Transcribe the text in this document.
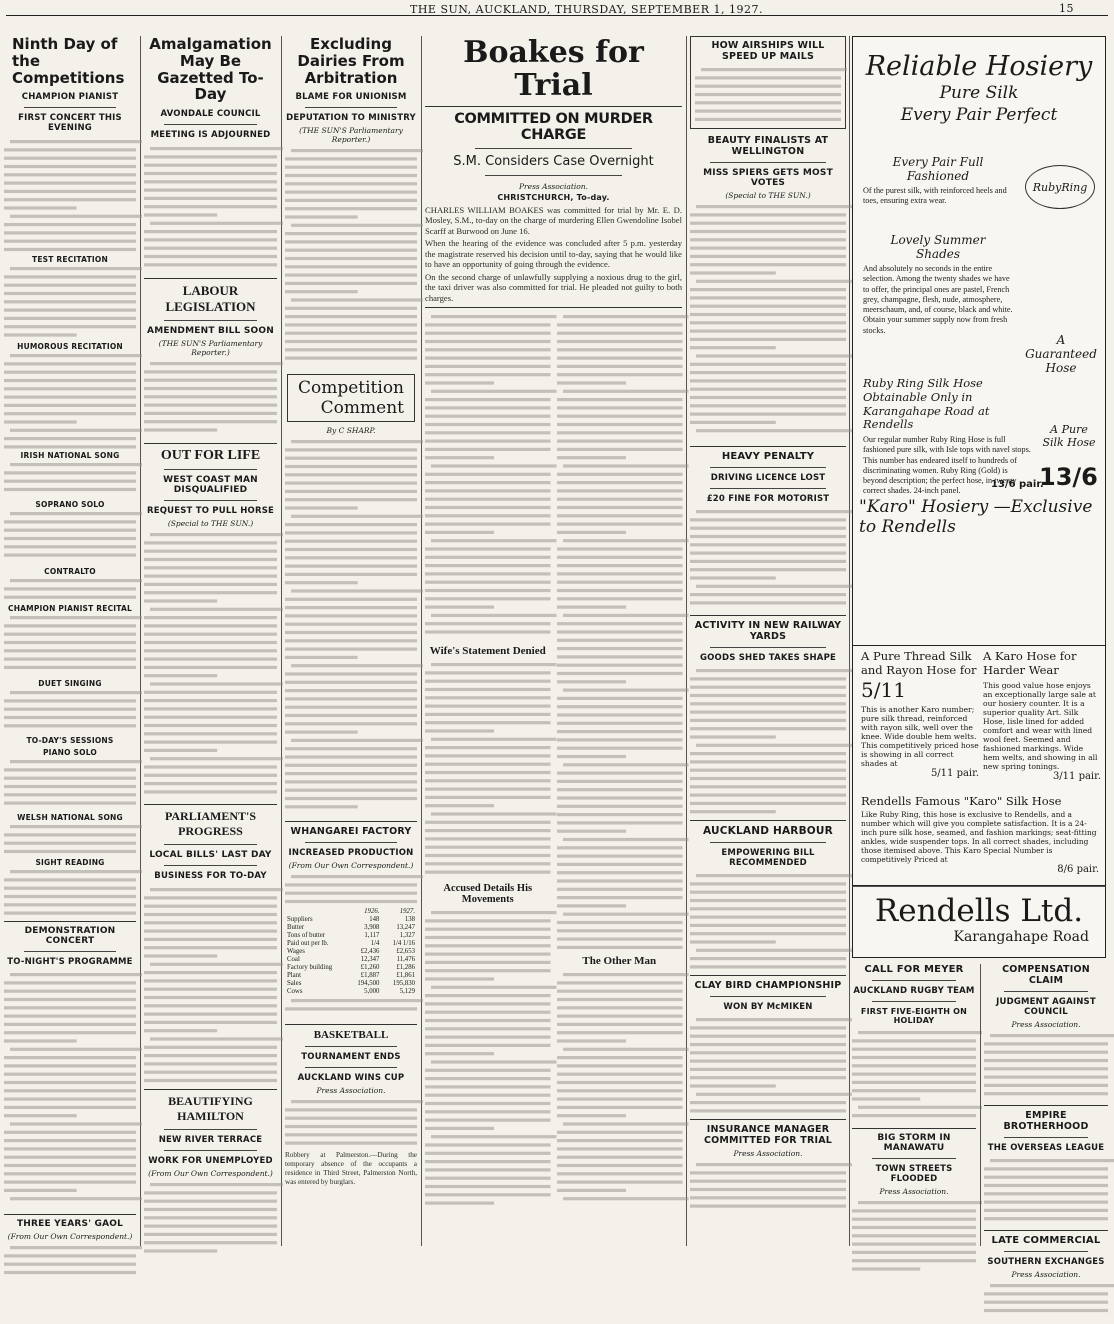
THE SUN, AUCKLAND, THURSDAY, SEPTEMBER 1, 1927.	15
Ninth Day of the Competitions
CHAMPION PIANIST
FIRST CONCERT THIS EVENING
TEST RECITATION
HUMOROUS RECITATION
IRISH NATIONAL SONG
SOPRANO SOLO
CONTRALTO
CHAMPION PIANIST RECITAL
DUET SINGING
TO-DAY'S SESSIONS
PIANO SOLO
WELSH NATIONAL SONG
SIGHT READING
DEMONSTRATION CONCERT
TO-NIGHT'S PROGRAMME
THREE YEARS' GAOL
(From Our Own Correspondent.)
Amalgamation May Be Gazetted To-Day
AVONDALE COUNCIL
MEETING IS ADJOURNED
LABOUR LEGISLATION
AMENDMENT BILL SOON
(THE SUN'S Parliamentary Reporter.)
OUT FOR LIFE
WEST COAST MAN DISQUALIFIED
REQUEST TO PULL HORSE
(Special to THE SUN.)
PARLIAMENT'S PROGRESS
LOCAL BILLS' LAST DAY
BUSINESS FOR TO-DAY
BEAUTIFYING HAMILTON
NEW RIVER TERRACE
WORK FOR UNEMPLOYED
(From Our Own Correspondent.)
Excluding Dairies From Arbitration
BLAME FOR UNIONISM
DEPUTATION TO MINISTRY
(THE SUN'S Parliamentary Reporter.)
Competition
Comment
By C SHARP.
WHANGAREI FACTORY
INCREASED PRODUCTION
(From Our Own Correspondent.)
1926.	1927.
Suppliers	148	138
Butter	3,908	13,247
Tons of butter	1,117	1,327
Paid out per lb.	1/4	1/4 1/16
Wages	£2,436	£2,653
Coal	12,347	11,476
Factory building	£1,260	£1,286
Plant	£1,887	£1,861
Sales	194,500	195,830
Cows	5,000	5,129
BASKETBALL
TOURNAMENT ENDS
AUCKLAND WINS CUP
Press Association.
Robbery at Palmerston.—During the temporary absence of the occupants a residence in Third Street, Palmerston North, was entered by burglars.
Boakes for Trial
COMMITTED ON MURDER CHARGE
S.M. Considers Case Overnight
Press Association.
CHRISTCHURCH, To-day.
CHARLES WILLIAM BOAKES was committed for trial by Mr. E. D. Mosley, S.M., to-day on the charge of murdering Ellen Gwendoline Isobel Scarff at Burwood on June 16.
When the hearing of the evidence was concluded after 5 p.m. yesterday the magistrate reserved his decision until to-day, saying that he would like to have an opportunity of going through the evidence.
On the second charge of unlawfully supplying a noxious drug to the girl, the taxi driver was also committed for trial. He pleaded not guilty to both charges.
Wife's Statement Denied
Accused Details His Movements
The Other Man
HOW AIRSHIPS WILL SPEED UP MAILS
BEAUTY FINALISTS AT WELLINGTON
MISS SPIERS GETS MOST VOTES
(Special to THE SUN.)
HEAVY PENALTY
DRIVING LICENCE LOST
£20 FINE FOR MOTORIST
ACTIVITY IN NEW RAILWAY YARDS
GOODS SHED TAKES SHAPE
AUCKLAND HARBOUR
EMPOWERING BILL RECOMMENDED
CLAY BIRD CHAMPIONSHIP
WON BY McMIKEN
INSURANCE MANAGER COMMITTED FOR TRIAL
Press Association.
Reliable Hosiery
Pure Silk
Every Pair Perfect
Every Pair Full
Fashioned
Of the purest silk, with reinforced heels and toes, ensuring extra wear.
RubyRing
Lovely Summer
Shades
And absolutely no seconds in the entire selection. Among the twenty shades we have to offer, the principal ones are pastel, French grey, champagne, flesh, nude, atmosphere, meerschaum, and, of course, black and white. Obtain your summer supply now from fresh stocks.
A Guaranteed Hose
Ruby Ring Silk Hose Obtainable Only in Karangahape Road at Rendells
Our regular number Ruby Ring Hose is full fashioned pure silk, with Isle tops with navel stops. This number has endeared itself to hundreds of discriminating women. Ruby Ring (Gold) is beyond description; the perfect hose, in twenty correct shades. 24-inch panel.
A Pure Silk Hose
13/6
13/6 pair.
"Karo" Hosiery —Exclusive to Rendells
A Pure Thread Silk and Rayon Hose for
5/11
This is another Karo number; pure silk thread, reinforced with rayon silk, well over the knee. Wide double hem welts. This competitively priced hose is showing in all correct shades at
5/11 pair.
A Karo Hose for Harder Wear
This good value hose enjoys an exceptionally large sale at our hosiery counter. It is a superior quality Art. Silk Hose, lisle lined for added comfort and wear with lined wool feet. Seemed and fashioned markings. Wide hem welts, and showing in all new spring tonings.
3/11 pair.
Rendells Famous "Karo" Silk Hose
Like Ruby Ring, this hose is exclusive to Rendells, and a number which will give you complete satisfaction. It is a 24-inch pure silk hose, seamed, and fashion markings; seat-fitting ankles, wide suspender tops. In all correct shades, including those itemised above. This Karo Special Number is competitively Priced at
8/6 pair.
Rendells Ltd.
Karangahape Road
CALL FOR MEYER
AUCKLAND RUGBY TEAM
FIRST FIVE-EIGHTH ON HOLIDAY
BIG STORM IN MANAWATU
TOWN STREETS FLOODED
Press Association.
COMPENSATION CLAIM
JUDGMENT AGAINST COUNCIL
Press Association.
EMPIRE BROTHERHOOD
THE OVERSEAS LEAGUE
LATE COMMERCIAL
SOUTHERN EXCHANGES
Press Association.
